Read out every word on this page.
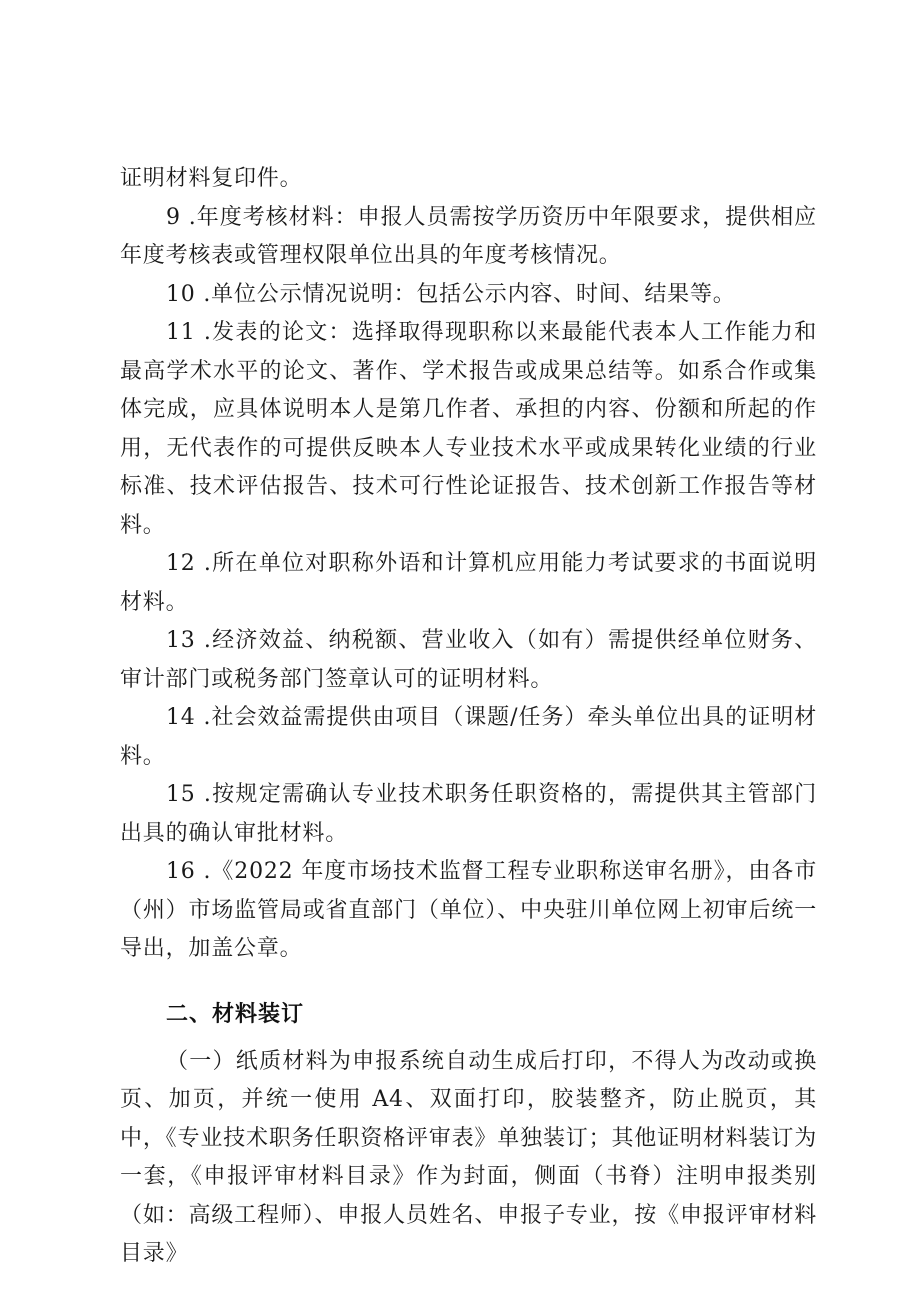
证明材料复印件。

9 .年度考核材料：申报人员需按学历资历中年限要求，提供相应年度考核表或管理权限单位出具的年度考核情况。

10 .单位公示情况说明：包括公示内容、时间、结果等。

11 .发表的论文：选择取得现职称以来最能代表本人工作能力和最高学术水平的论文、著作、学术报告或成果总结等。如系合作或集体完成，应具体说明本人是第几作者、承担的内容、份额和所起的作用，无代表作的可提供反映本人专业技术水平或成果转化业绩的行业标准、技术评估报告、技术可行性论证报告、技术创新工作报告等材料。

12 .所在单位对职称外语和计算机应用能力考试要求的书面说明材料。

13 .经济效益、纳税额、营业收入（如有）需提供经单位财务、审计部门或税务部门签章认可的证明材料。

14 .社会效益需提供由项目（课题/任务）牵头单位出具的证明材料。

15 .按规定需确认专业技术职务任职资格的，需提供其主管部门出具的确认审批材料。

16 .《2022 年度市场技术监督工程专业职称送审名册》，由各市（州）市场监管局或省直部门（单位）、中央驻川单位网上初审后统一导出，加盖公章。

二、材料装订

（一）纸质材料为申报系统自动生成后打印，不得人为改动或换页、加页，并统一使用 A4、双面打印，胶装整齐，防止脱页，其中，《专业技术职务任职资格评审表》单独装订；其他证明材料装订为一套，《申报评审材料目录》作为封面，侧面（书脊）注明申报类别（如：高级工程师）、申报人员姓名、申报子专业，按《申报评审材料目录》
